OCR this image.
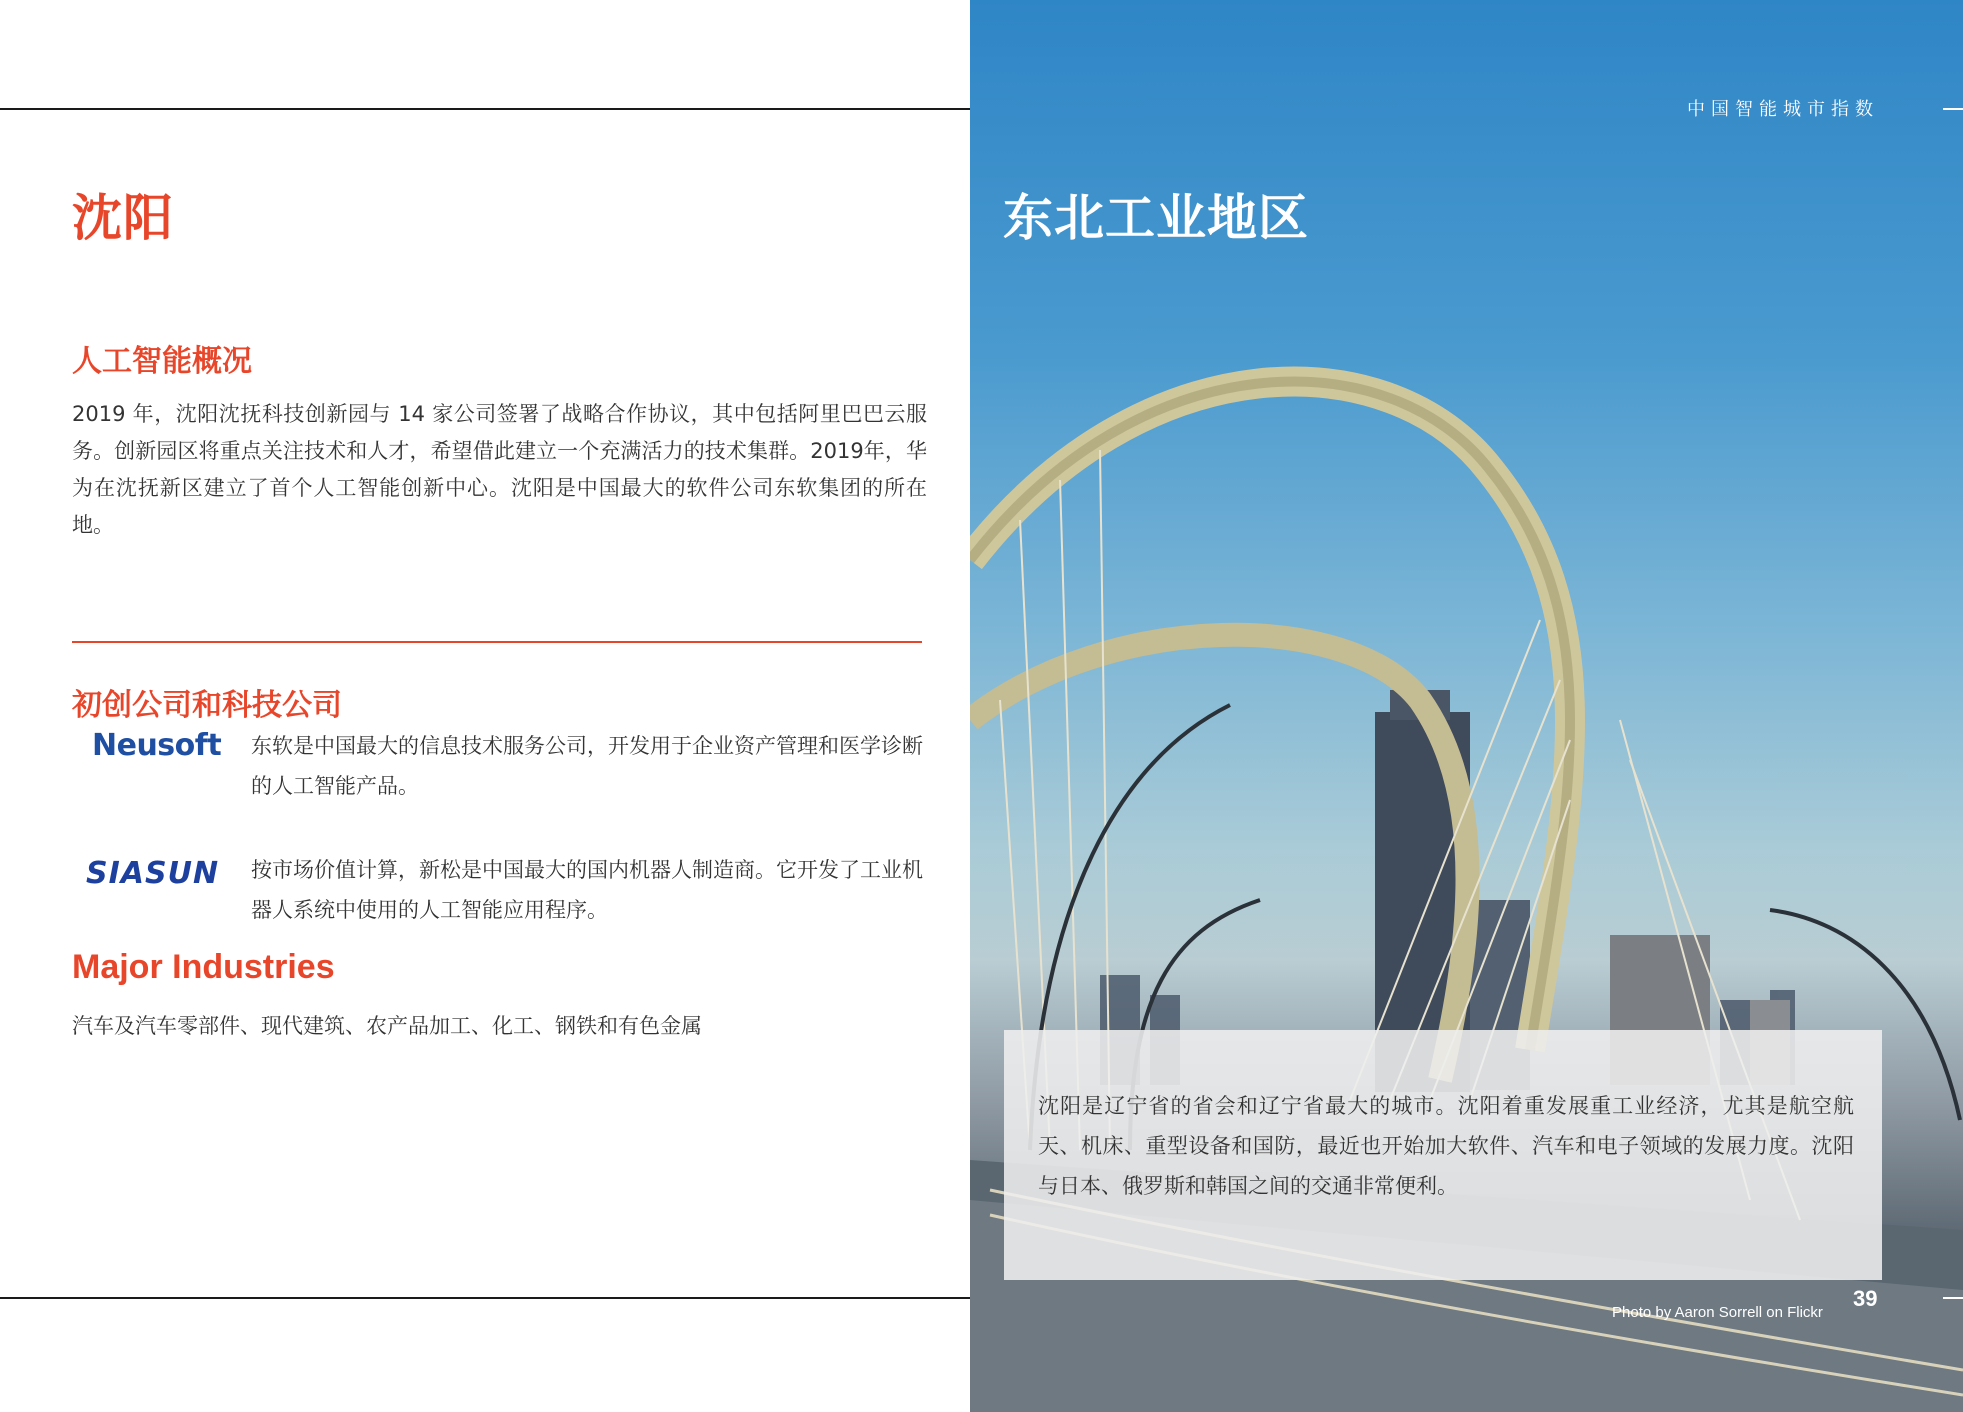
沈阳
人工智能概况

2019 年，沈阳沈抚科技创新园与 14 家公司签署了战略合作协议，其中包括阿里巴巴云服务。创新园区将重点关注技术和人才，希望借此建立一个充满活力的技术集群。2019年，华为在沈抚新区建立了首个人工智能创新中心。沈阳是中国最大的软件公司东软集团的所在地。

初创公司和科技公司
Neusoft 东软是中国最大的信息技术服务公司，开发用于企业资产管理和医学诊断的人工智能产品。

SIASUN 按市场价值计算，新松是中国最大的国内机器人制造商。它开发了工业机器人系统中使用的人工智能应用程序。

Major Industries

汽车及汽车零部件、现代建筑、农产品加工、化工、钢铁和有色金属

中国智能城市指数
东北工业地区

沈阳是辽宁省的省会和辽宁省最大的城市。沈阳着重发展重工业经济，尤其是航空航天、机床、重型设备和国防，最近也开始加大软件、汽车和电子领域的发展力度。沈阳与日本、俄罗斯和韩国之间的交通非常便利。

39
Photo by Aaron Sorrell on Flickr
